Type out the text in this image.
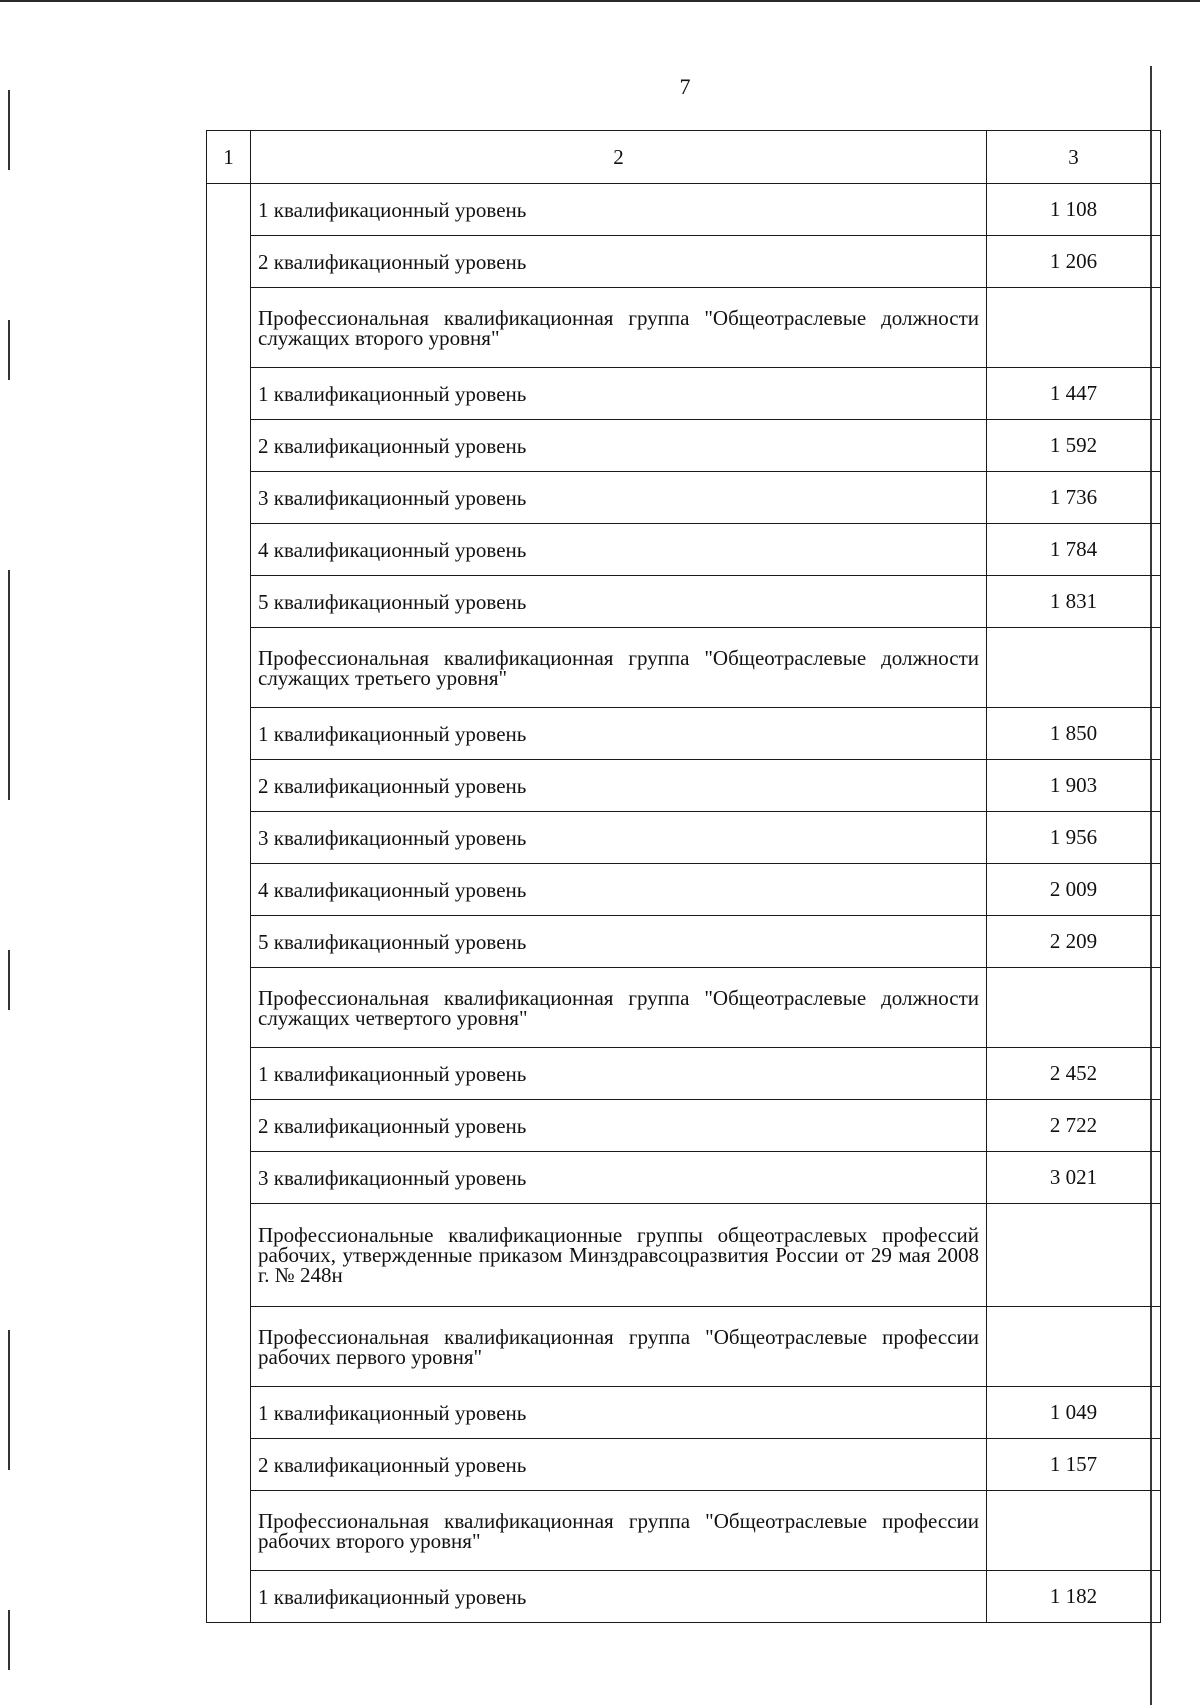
7
1	2	3
	1 квалификационный уровень	1 108
	2 квалификационный уровень	1 206
	Профессиональная квалификационная группа "Общеотраслевые должности служащих второго уровня"	
	1 квалификационный уровень	1 447
	2 квалификационный уровень	1 592
	3 квалификационный уровень	1 736
	4 квалификационный уровень	1 784
	5 квалификационный уровень	1 831
	Профессиональная квалификационная группа "Общеотраслевые должности служащих третьего уровня"	
	1 квалификационный уровень	1 850
	2 квалификационный уровень	1 903
	3 квалификационный уровень	1 956
	4 квалификационный уровень	2 009
	5 квалификационный уровень	2 209
	Профессиональная квалификационная группа "Общеотраслевые должности служащих четвертого уровня"	
	1 квалификационный уровень	2 452
	2 квалификационный уровень	2 722
	3 квалификационный уровень	3 021
	Профессиональные квалификационные группы общеотраслевых профессий рабочих, утвержденные приказом Минздравсоцразвития России от 29 мая 2008 г. № 248н	
	Профессиональная квалификационная группа "Общеотраслевые профессии рабочих первого уровня"	
	1 квалификационный уровень	1 049
	2 квалификационный уровень	1 157
	Профессиональная квалификационная группа "Общеотраслевые профессии рабочих второго уровня"	
	1 квалификационный уровень	1 182
